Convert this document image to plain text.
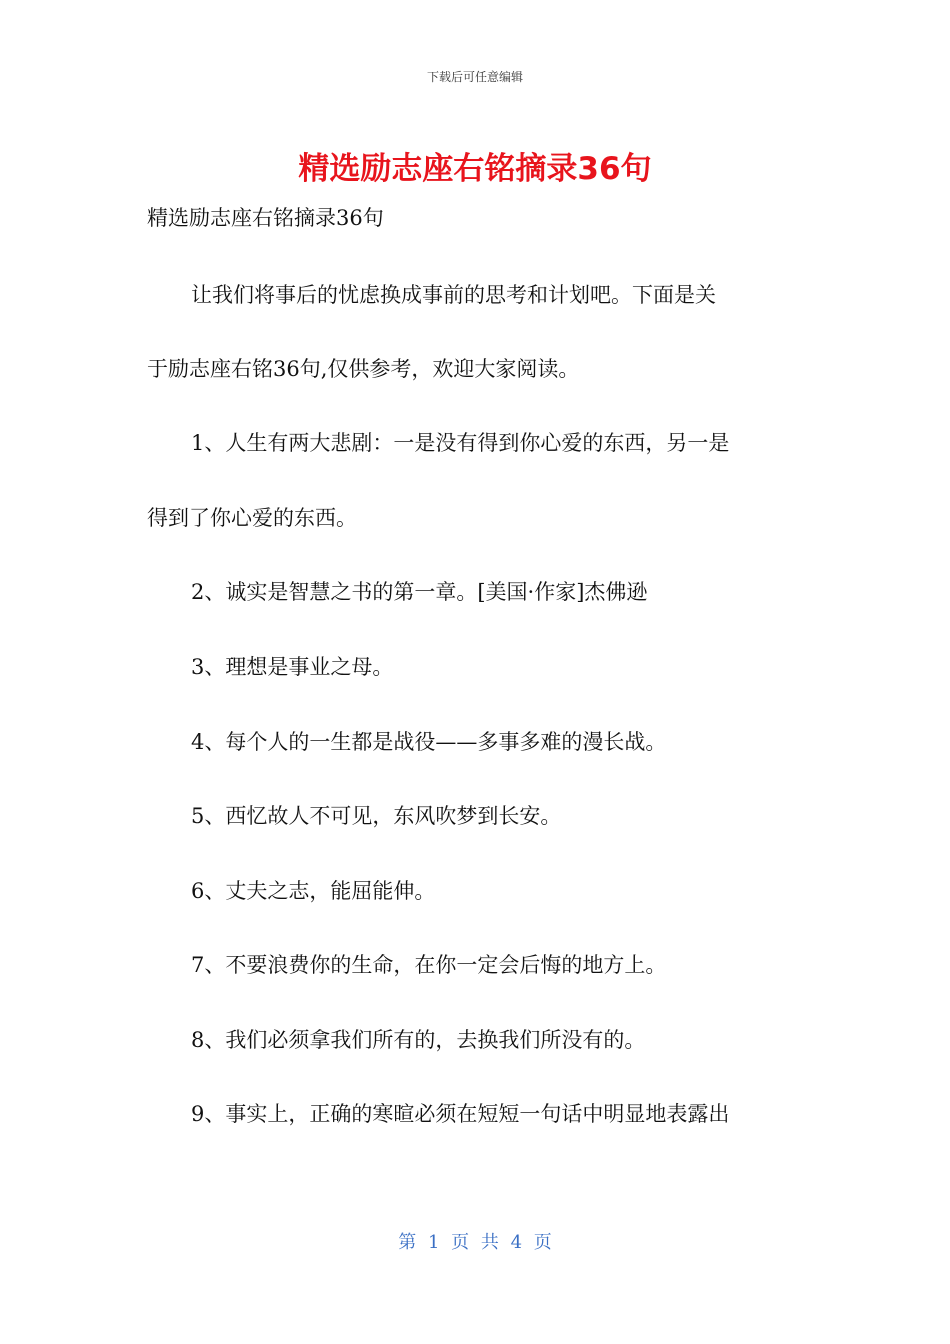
下载后可任意编辑
精选励志座右铭摘录36句
精选励志座右铭摘录36句
让我们将事后的忧虑换成事前的思考和计划吧。下面是关
于励志座右铭36句,仅供参考，欢迎大家阅读。
1、人生有两大悲剧：一是没有得到你心爱的东西，另一是
得到了你心爱的东西。
2、诚实是智慧之书的第一章。[美国·作家]杰佛逊
3、理想是事业之母。
4、每个人的一生都是战役——多事多难的漫长战。
5、西忆故人不可见，东风吹梦到长安。
6、丈夫之志，能屈能伸。
7、不要浪费你的生命，在你一定会后悔的地方上。
8、我们必须拿我们所有的，去换我们所没有的。
9、事实上，正确的寒暄必须在短短一句话中明显地表露出
第 1 页 共 4 页
